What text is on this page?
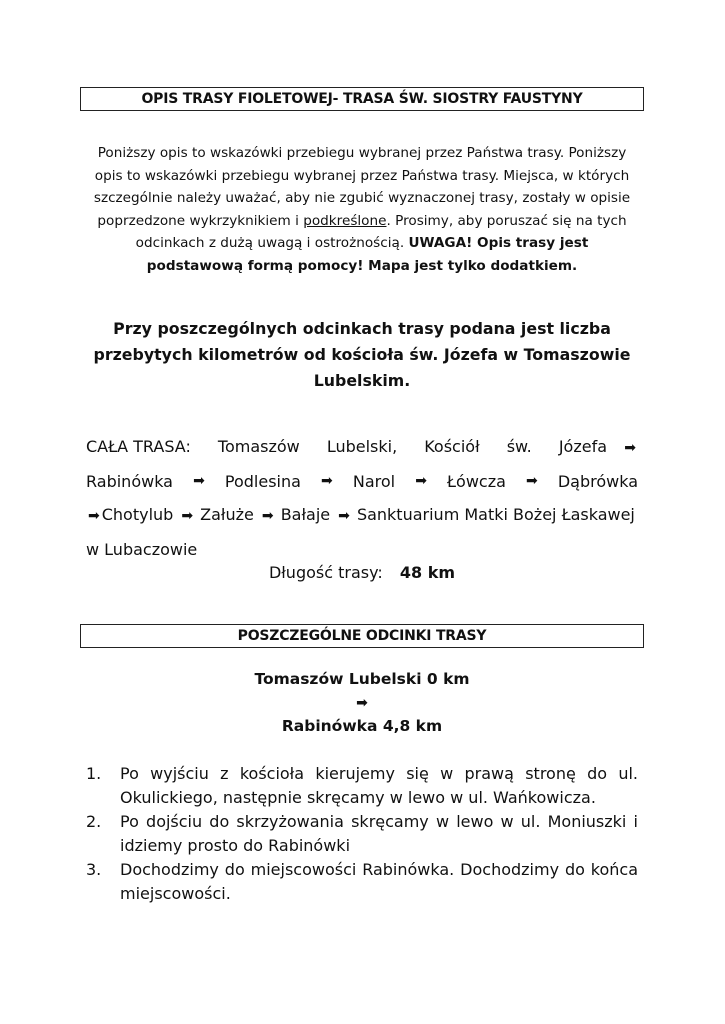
OPIS TRASY FIOLETOWEJ- TRASA ŚW. SIOSTRY FAUSTYNY

Poniższy opis to wskazówki przebiegu wybranej przez Państwa trasy. Poniższy opis to wskazówki przebiegu wybranej przez Państwa trasy. Miejsca, w których szczególnie należy uważać, aby nie zgubić wyznaczonej trasy, zostały w opisie poprzedzone wykrzyknikiem i podkreślone. Prosimy, aby poruszać się na tych odcinkach z dużą uwagą i ostrożnością. UWAGA! Opis trasy jest podstawową formą pomocy! Mapa jest tylko dodatkiem.

Przy poszczególnych odcinkach trasy podana jest liczba przebytych kilometrów od kościoła św. Józefa w Tomaszowie Lubelskim.

CAŁA TRASA: Tomaszów Lubelski, Kościół św. Józefa ➡
Rabinówka ➡ Podlesina ➡ Narol ➡ Łówcza ➡ Dąbrówka
➡ Chotylub ➡ Załuże ➡ Bałaje ➡ Sanktuarium Matki Bożej Łaskawej
w Lubaczowie
Długość trasy: 48 km
POSZCZEGÓLNE ODCINKI TRASY
Tomaszów Lubelski 0 km
➡
Rabinówka 4,8 km
1.	Po wyjściu z kościoła kierujemy się w prawą stronę do ul. Okulickiego, następnie skręcamy w lewo w ul. Wańkowicza.
2.	Po dojściu do skrzyżowania skręcamy w lewo w ul. Moniuszki i idziemy prosto do Rabinówki
3.	Dochodzimy do miejscowości Rabinówka. Dochodzimy do końca miejscowości.
